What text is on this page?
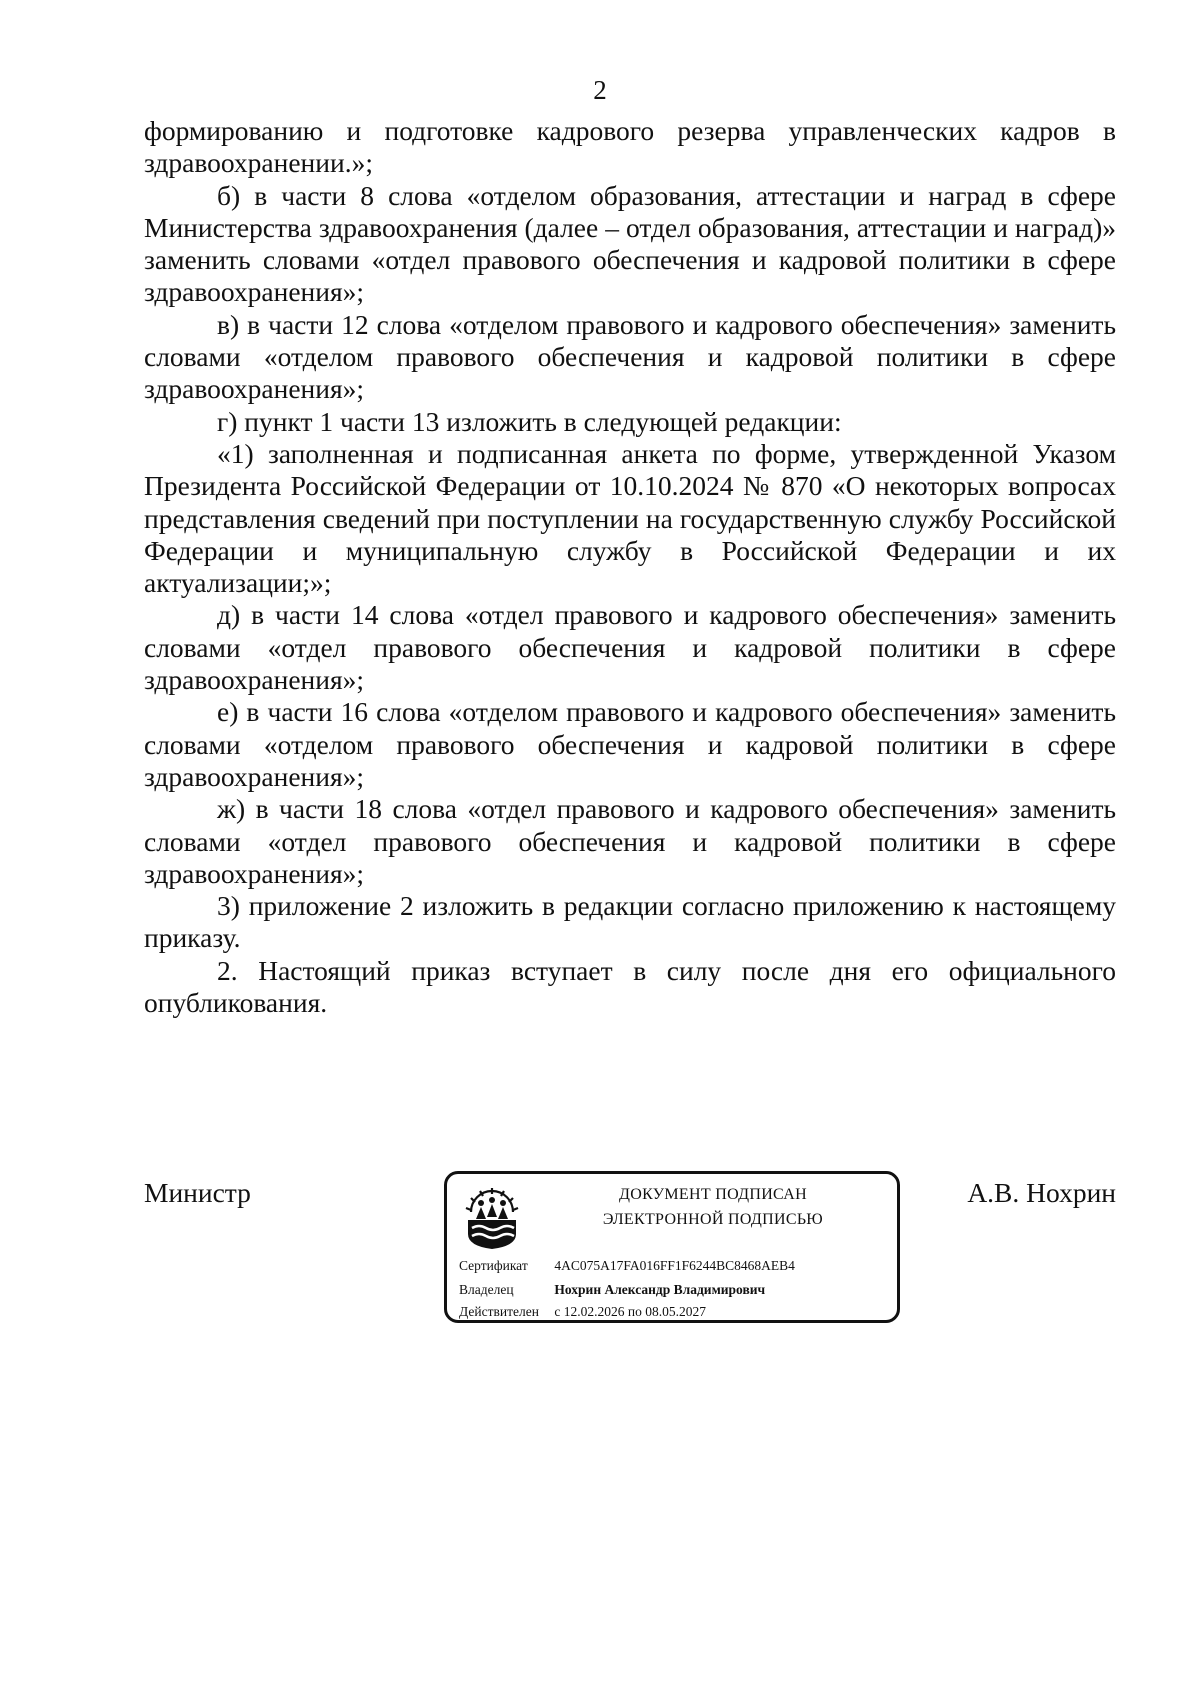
2

формированию и подготовке кадрового резерва управленческих кадров в здравоохранении.»;

б) в части 8 слова «отделом образования, аттестации и наград в сфере Министерства здравоохранения (далее – отдел образования, аттестации и наград)» заменить словами «отдел правового обеспечения и кадровой политики в сфере здравоохранения»;

в) в части 12 слова «отделом правового и кадрового обеспечения» заменить словами «отделом правового обеспечения и кадровой политики в сфере здравоохранения»;

г) пункт 1 части 13 изложить в следующей редакции:

«1) заполненная и подписанная анкета по форме, утвержденной Указом Президента Российской Федерации от 10.10.2024 № 870 «О некоторых вопросах представления сведений при поступлении на государственную службу Российской Федерации и муниципальную службу в Российской Федерации и их актуализации;»;

д) в части 14 слова «отдел правового и кадрового обеспечения» заменить словами «отдел правового обеспечения и кадровой политики в сфере здравоохранения»;

е) в части 16 слова «отделом правового и кадрового обеспечения» заменить словами «отделом правового обеспечения и кадровой политики в сфере здравоохранения»;

ж) в части 18 слова «отдел правового и кадрового обеспечения» заменить словами «отдел правового обеспечения и кадровой политики в сфере здравоохранения»;

3) приложение 2 изложить в редакции согласно приложению к настоящему приказу.

2. Настоящий приказ вступает в силу после дня его официального опубликования.

Министр	ДОКУМЕНТ ПОДПИСАН
ЭЛЕКТРОННОЙ ПОДПИСЬЮ
Сертификат 4AC075A17FA016FF1F6244BC8468AEB4
Владелец	Нохрин Александр Владимирович
Действителен с 12.02.2026 по 08.05.2027
А.В. Нохрин
